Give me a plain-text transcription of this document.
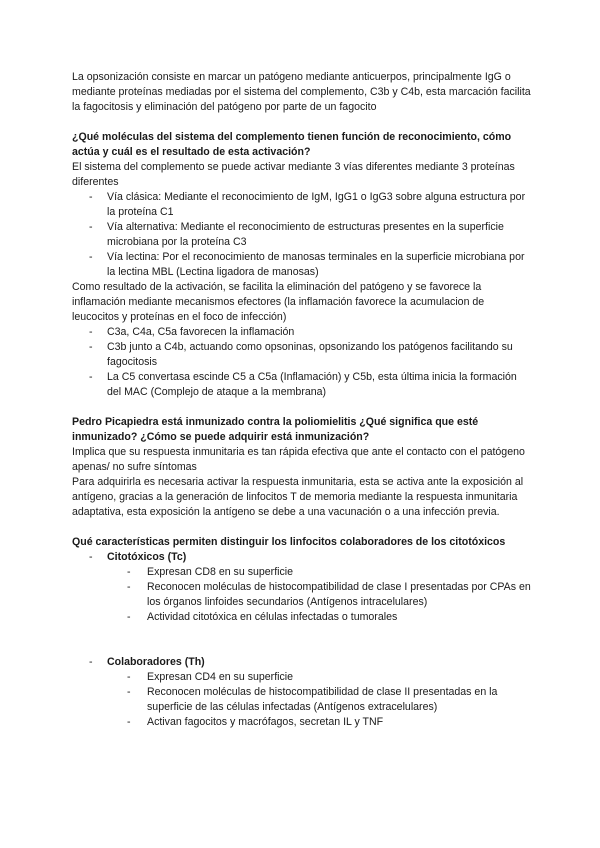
La opsonización consiste en marcar un patógeno mediante anticuerpos, principalmente IgG o mediante proteínas mediadas por el sistema del complemento, C3b y C4b, esta marcación facilita la fagocitosis y eliminación del patógeno por parte de un fagocito

¿Qué moléculas del sistema del complemento tienen función de reconocimiento, cómo actúa y cuál es el resultado de esta activación?

El sistema del complemento se puede activar mediante 3 vías diferentes mediante 3 proteínas diferentes

- Vía clásica: Mediante el reconocimiento de IgM, IgG1 o IgG3 sobre alguna estructura por la proteína C1
- Vía alternativa: Mediante el reconocimiento de estructuras presentes en la superficie microbiana por la proteína C3
- Vía lectina: Por el reconocimiento de manosas terminales en la superficie microbiana por la lectina MBL (Lectina ligadora de manosas)

Como resultado de la activación, se facilita la eliminación del patógeno y se favorece la inflamación mediante mecanismos efectores (la inflamación favorece la acumulacion de leucocitos y proteínas en el foco de infección)

- C3a, C4a, C5a favorecen la inflamación
- C3b junto a C4b, actuando como opsoninas, opsonizando los patógenos facilitando su fagocitosis
- La C5 convertasa escinde C5 a C5a (Inflamación) y C5b, esta última inicia la formación del MAC (Complejo de ataque a la membrana)

Pedro Picapiedra está inmunizado contra la poliomielitis ¿Qué significa que esté inmunizado? ¿Cómo se puede adquirir está inmunización?

Implica que su respuesta inmunitaria es tan rápida efectiva que ante el contacto con el patógeno apenas/ no sufre síntomas

Para adquirirla es necesaria activar la respuesta inmunitaria, esta se activa ante la exposición al antígeno, gracias a la generación de linfocitos T de memoria mediante la respuesta inmunitaria adaptativa, esta exposición la antígeno se debe a una vacunación o a una infección previa.

Qué características permiten distinguir los linfocitos colaboradores de los citotóxicos

- Citotóxicos (Tc)
- Expresan CD8 en su superficie
- Reconocen moléculas de histocompatibilidad de clase I presentadas por CPAs en los órganos linfoides secundarios (Antígenos intracelulares)
- Actividad citotóxica en células infectadas o tumorales
- Colaboradores (Th)
- Expresan CD4 en su superficie
- Reconocen moléculas de histocompatibilidad de clase II presentadas en la superficie de las células infectadas (Antígenos extracelulares)
- Activan fagocitos y macrófagos, secretan IL y TNF
